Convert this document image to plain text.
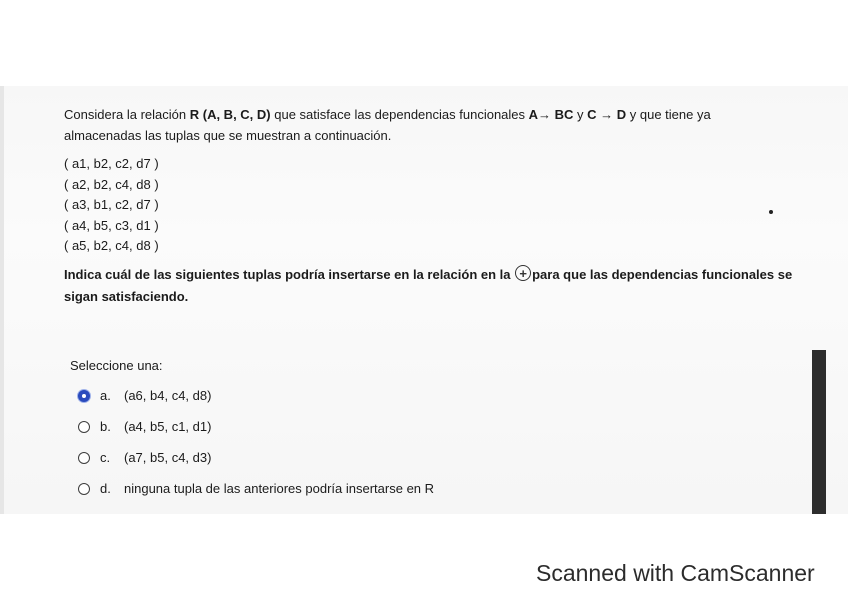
Considera la relación R (A, B, C, D) que satisface las dependencias funcionales A→ BC y C → D y que tiene ya
almacenadas las tuplas que se muestran a continuación.
( a1, b2, c2, d7 )
( a2, b2, c4, d8 )
( a3, b1, c2, d7 )
( a4, b5, c3, d1 )
( a5, b2, c4, d8 )
Indica cuál de las siguientes tuplas podría insertarse en la relación en la +para que las dependencias funcionales se
sigan satisfaciendo.
Seleccione una:
a.	(a6, b4, c4, d8)
b.	(a4, b5, c1, d1)
c.	(a7, b5, c4, d3)
d.	ninguna tupla de las anteriores podría insertarse en R
Scanned with CamScanner
